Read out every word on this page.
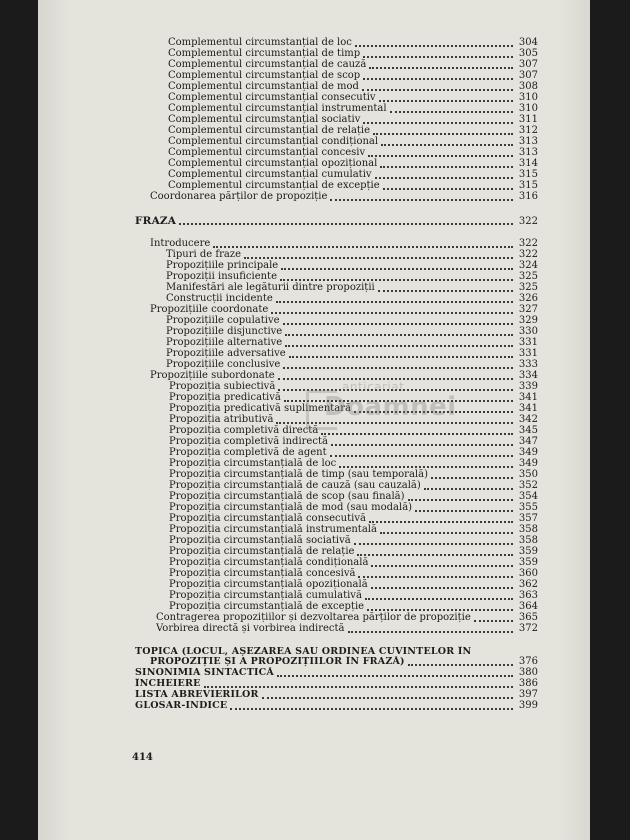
Complementul circumstanțial de loc	304
Complementul circumstanțial de timp	305
Complementul circumstanțial de cauză	307
Complementul circumstanțial de scop	307
Complementul circumstanțial de mod	308
Complementul circumstanțial consecutiv	310
Complementul circumstanțial instrumental	310
Complementul circumstanțial sociativ	311
Complementul circumstanțial de relație	312
Complementul circumstanțial condițional	313
Complementul circumstanțial concesiv	313
Complementul circumstanțial opozițional	314
Complementul circumstanțial cumulativ	315
Complementul circumstanțial de excepție	315
Coordonarea părților de propoziție	316
FRAZA	322
Introducere	322
Tipuri de fraze	322
Propozițiile principale	324
Propoziții insuficiente	325
Manifestări ale legăturii dintre propoziții	325
Construcții incidente	326
Propozițiile coordonate	327
Propozițiile copulative	329
Propozițiile disjunctive	330
Propozițiile alternative	331
Propozițiile adversative	331
Propozițiile conclusive	333
Propozițiile subordonate	334
Propoziția subiectivă	339
Propoziția predicativă	341
Propoziția predicativă suplimentară	341
Propoziția atributivă	342
Propoziția completivă directă	345
Propoziția completivă indirectă	347
Propoziția completivă de agent	349
Propoziția circumstanțială de loc	349
Propoziția circumstanțială de timp (sau temporală)	350
Propoziția circumstanțială de cauză (sau cauzală)	352
Propoziția circumstanțială de scop (sau finală)	354
Propoziția circumstanțială de mod (sau modală)	355
Propoziția circumstanțială consecutivă	357
Propoziția circumstanțială instrumentală	358
Propoziția circumstanțială sociativă	358
Propoziția circumstanțială de relație	359
Propoziția circumstanțială condițională	359
Propoziția circumstanțială concesivă	360
Propoziția circumstanțială opozițională	362
Propoziția circumstanțială cumulativă	363
Propoziția circumstanțială de excepție	364
Contragerea propozițiilor și dezvoltarea părților de propoziție	365
Vorbirea directă și vorbirea indirectă	372
TOPICA (LOCUL, AȘEZAREA SAU ORDINEA CUVINTELOR ÎN
PROPOZIȚIE ȘI A PROPOZIȚIILOR ÎN FRAZĂ)	376
SINONIMIA SINTACTICĂ	380
ÎNCHEIERE	386
LISTA ABREVIERILOR	397
GLOSAR-INDICE	399
414
anticariat
Doamnei
